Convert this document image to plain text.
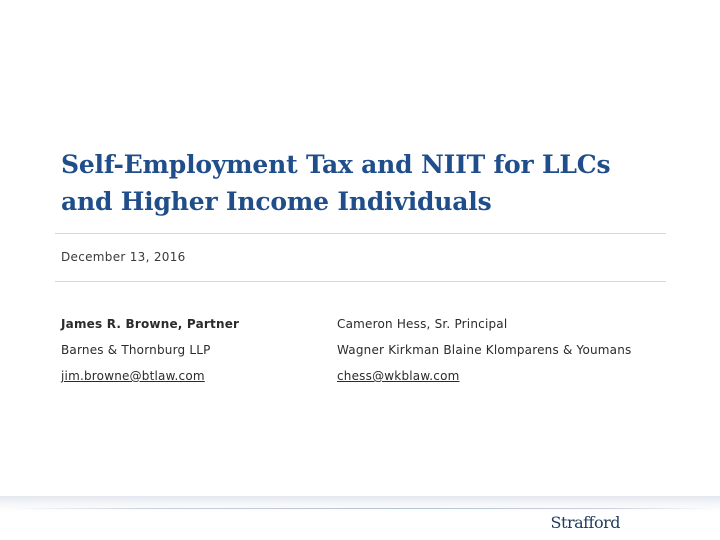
Self-Employment Tax and NIIT for LLCs
and Higher Income Individuals
December 13, 2016
James R. Browne, Partner
Barnes & Thornburg LLP
jim.browne@btlaw.com
Cameron Hess, Sr. Principal
Wagner Kirkman Blaine Klomparens & Youmans
chess@wkblaw.com
Strafford
